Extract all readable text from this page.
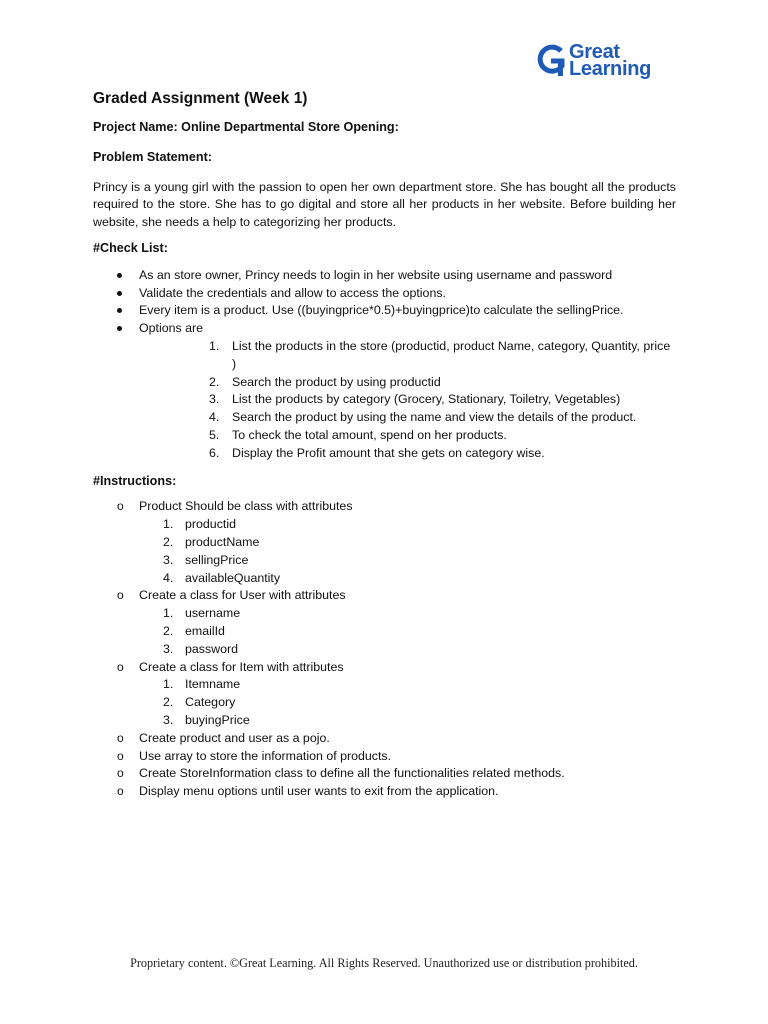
Great
Learning
Graded Assignment (Week 1)
Project Name: Online Departmental Store Opening:
Problem Statement:
Princy is a young girl with the passion to open her own department store. She has bought all the products required to the store. She has to go digital and store all her products in her website. Before building her website, she needs a help to categorizing her products.
#Check List:
As an store owner, Princy needs to login in her website using username and password
Validate the credentials and allow to access the options.
Every item is a product. Use ((buyingprice*0.5)+buyingprice)to calculate the sellingPrice.
Options are
1. List the products in the store (productid, product Name, category, Quantity, price )
2. Search the product by using productid
3. List the products by category (Grocery, Stationary, Toiletry, Vegetables)
4. Search the product by using the name and view the details of the product.
5. To check the total amount, spend on her products.
6. Display the Profit amount that she gets on category wise.
#Instructions:
o Product Should be class with attributes
1. productid
2. productName
3. sellingPrice
4. availableQuantity
o Create a class for User with attributes
1. username
2. emailId
3. password
o Create a class for Item with attributes
1. Itemname
2. Category
3. buyingPrice
o Create product and user as a pojo.
o Use array to store the information of products.
o Create StoreInformation class to define all the functionalities related methods.
o Display menu options until user wants to exit from the application.
Proprietary content. ©Great Learning. All Rights Reserved. Unauthorized use or distribution prohibited.
